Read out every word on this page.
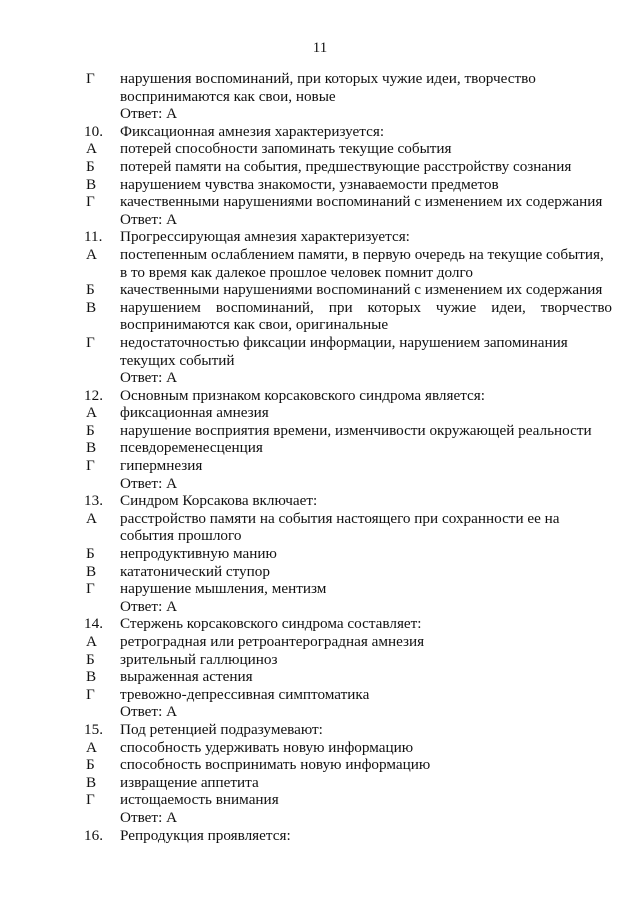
11
Г	нарушения воспоминаний, при которых чужие идеи, творчество воспринимаются как свои, новые
Ответ: А
10.	Фиксационная амнезия характеризуется:
А	потерей способности запоминать текущие события
Б	потерей памяти на события, предшествующие расстройству сознания
В	нарушением чувства знакомости, узнаваемости предметов
Г	качественными нарушениями воспоминаний с изменением их содержания
Ответ: А
11.	Прогрессирующая амнезия характеризуется:
А	постепенным ослаблением памяти, в первую очередь на текущие события, в то время как далекое прошлое человек помнит долго
Б	качественными нарушениями воспоминаний с изменением их содержания
В	нарушением воспоминаний, при которых чужие идеи, творчество воспринимаются как свои, оригинальные
Г	недостаточностью фиксации информации, нарушением запоминания текущих событий
Ответ: А
12.	Основным признаком корсаковского синдрома является:
А	фиксационная амнезия
Б	нарушение восприятия времени, изменчивости окружающей реальности
В	псевдоременесценция
Г	гипермнезия
Ответ: А
13.	Синдром Корсакова включает:
А	расстройство памяти на события настоящего при сохранности ее на события прошлого
Б	непродуктивную манию
В	кататонический ступор
Г	нарушение мышления, ментизм
Ответ: А
14.	Стержень корсаковского синдрома составляет:
А	ретроградная или ретроантероградная амнезия
Б	зрительный галлюциноз
В	выраженная астения
Г	тревожно-депрессивная симптоматика
Ответ: А
15.	Под ретенцией подразумевают:
А	способность удерживать новую информацию
Б	способность воспринимать новую информацию
В	извращение аппетита
Г	истощаемость внимания
Ответ: А
16.	Репродукция проявляется:
